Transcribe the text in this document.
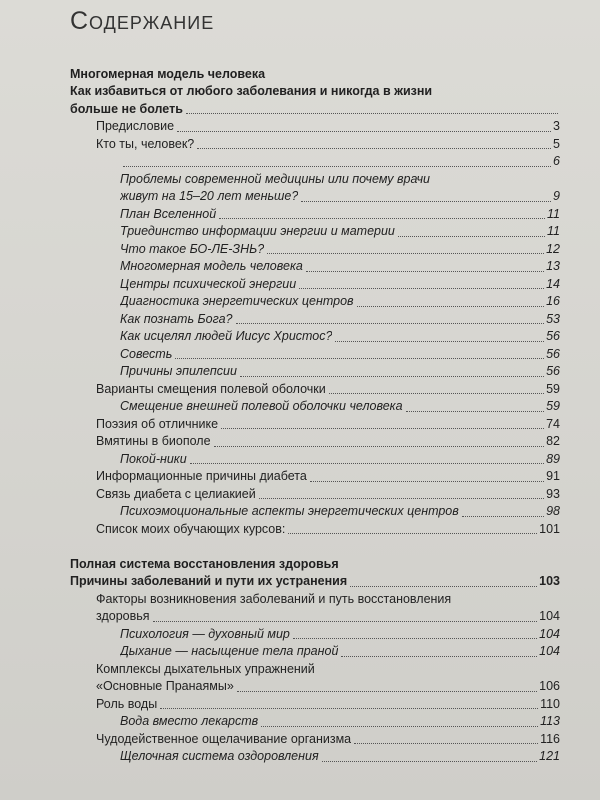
Содержание
Многомерная модель человека
Как избавиться от любого заболевания и никогда в жизни
больше не болеть
Предисловие	3
Кто ты, человек?	5
6
Проблемы современной медицины или почему врачи
живут на 15–20 лет меньше?	9
План Вселенной	11
Триединство информации энергии и материи	11
Что такое БО-ЛЕ-ЗНЬ?	12
Многомерная модель человека	13
Центры психической энергии	14
Диагностика энергетических центров	16
Как познать Бога?	53
Как исцелял людей Иисус Христос?	56
Совесть	56
Причины эпилепсии	56
Варианты смещения полевой оболочки	59
Смещение внешней полевой оболочки человека	59
Поэзия об отличнике	74
Вмятины в биополе	82
Покой-ники	89
Информационные причины диабета	91
Связь диабета с целиакией	93
Психоэмоциональные аспекты энергетических центров	98
Список моих обучающих курсов:	101
Полная система восстановления здоровья
Причины заболеваний и пути их устранения	103
Факторы возникновения заболеваний и путь восстановления
здоровья	104
Психология — духовный мир	104
Дыхание — насыщение тела праной	104
Комплексы дыхательных упражнений
«Основные Пранаямы»	106
Роль воды	110
Вода вместо лекарств	113
Чудодейственное ощелачивание организма	116
Щелочная система оздоровления	121
